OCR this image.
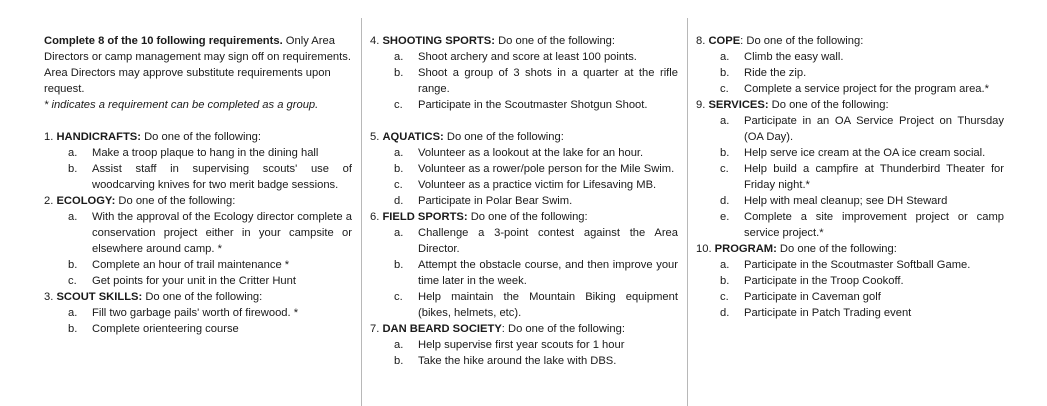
Complete 8 of the 10 following requirements. Only Area Directors or camp management may sign off on requirements. Area Directors may approve substitute requirements upon request.

* indicates a requirement can be completed as a group.

1. HANDICRAFTS: Do one of the following:
a. Make a troop plaque to hang in the dining hall
b. Assist staff in supervising scouts' use of woodcarving knives for two merit badge sessions.
2. ECOLOGY: Do one of the following:
a. With the approval of the Ecology director complete a conservation project either in your campsite or elsewhere around camp. *
b. Complete an hour of trail maintenance *
c. Get points for your unit in the Critter Hunt
3. SCOUT SKILLS: Do one of the following:
a. Fill two garbage pails' worth of firewood. *
b. Complete orienteering course
4. SHOOTING SPORTS: Do one of the following:
a. Shoot archery and score at least 100 points.
b. Shoot a group of 3 shots in a quarter at the rifle range.
c. Participate in the Scoutmaster Shotgun Shoot.
5. AQUATICS: Do one of the following:
a. Volunteer as a lookout at the lake for an hour.
b. Volunteer as a rower/pole person for the Mile Swim.
c. Volunteer as a practice victim for Lifesaving MB.
d. Participate in Polar Bear Swim.
6. FIELD SPORTS: Do one of the following:
a. Challenge a 3-point contest against the Area Director.
b. Attempt the obstacle course, and then improve your time later in the week.
c. Help maintain the Mountain Biking equipment (bikes, helmets, etc).
7. DAN BEARD SOCIETY: Do one of the following:
a. Help supervise first year scouts for 1 hour
b. Take the hike around the lake with DBS.
8. COPE: Do one of the following:
a. Climb the easy wall.
b. Ride the zip.
c. Complete a service project for the program area.*
9. SERVICES: Do one of the following:
a. Participate in an OA Service Project on Thursday (OA Day).
b. Help serve ice cream at the OA ice cream social.
c. Help build a campfire at Thunderbird Theater for Friday night.*
d. Help with meal cleanup; see DH Steward
e. Complete a site improvement project or camp service project.*
10. PROGRAM: Do one of the following:
a. Participate in the Scoutmaster Softball Game.
b. Participate in the Troop Cookoff.
c. Participate in Caveman golf
d. Participate in Patch Trading event
